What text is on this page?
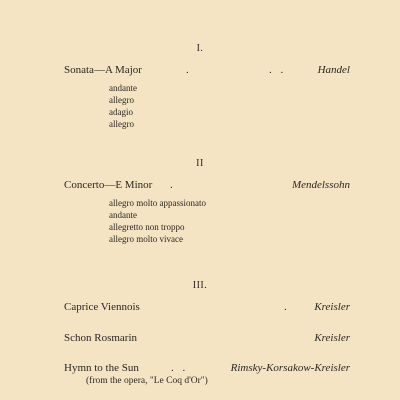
I.
Sonata—A Major	.	. .	Handel
andante
allegro
adagio
allegro
II
Concerto—E Minor .	Mendelssohn
allegro molto appassionato
andante
allegretto non troppo
allegro molto vivace
III.
Caprice Viennois	. Kreisler
Schon Rosmarin	Kreisler
Hymn to the Sun	. .	Rimsky-Korsakow-Kreisler
(from the opera, "Le Coq d'Or")
